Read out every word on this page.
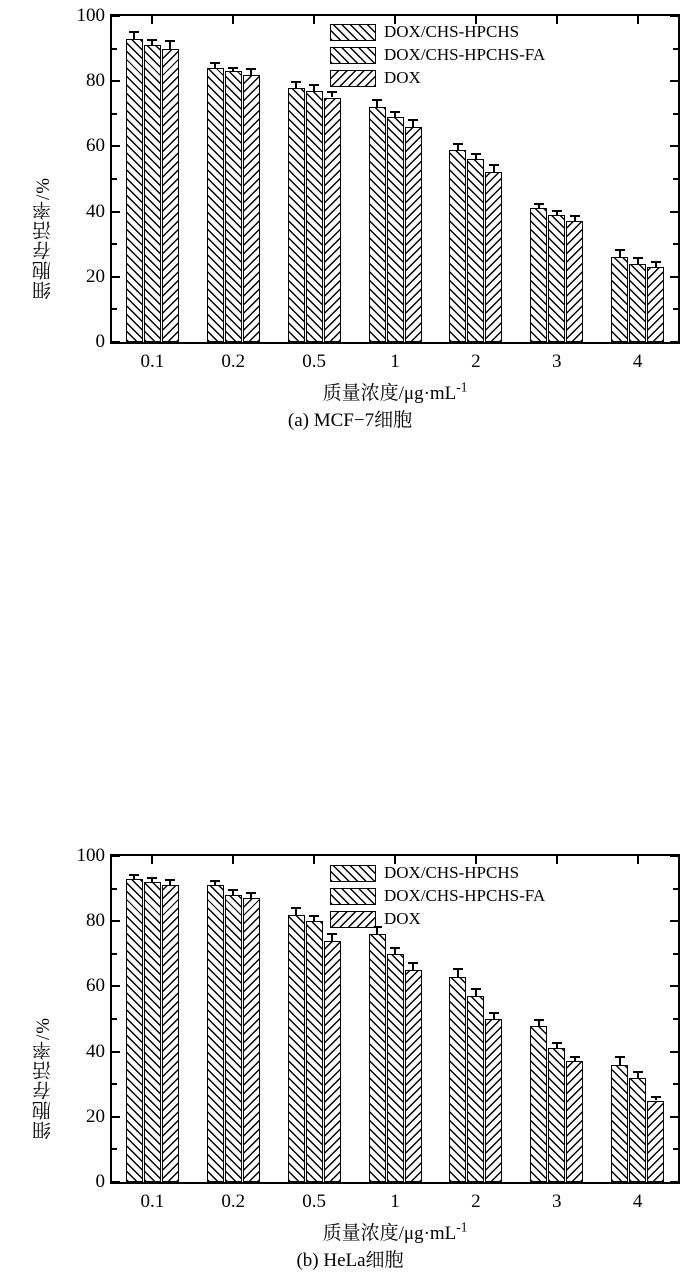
细胞存活率/%
0
20
40
60
80
100
0.1	0.2	0.5	1	2	3	4
质量浓度$/\mu g\cdot mL^{-1}$
(a) MCF−7细胞
DOX/CHS-HPCHS
DOX/CHS-HPCHS-FA
DOX
细胞存活率/%
0
20
40
60
80
100
0.1	0.2	0.5	1	2	3	4
质量浓度$/\mu g\cdot mL^{-1}$
(b) HeLa细胞
DOX/CHS-HPCHS
DOX/CHS-HPCHS-FA
DOX
